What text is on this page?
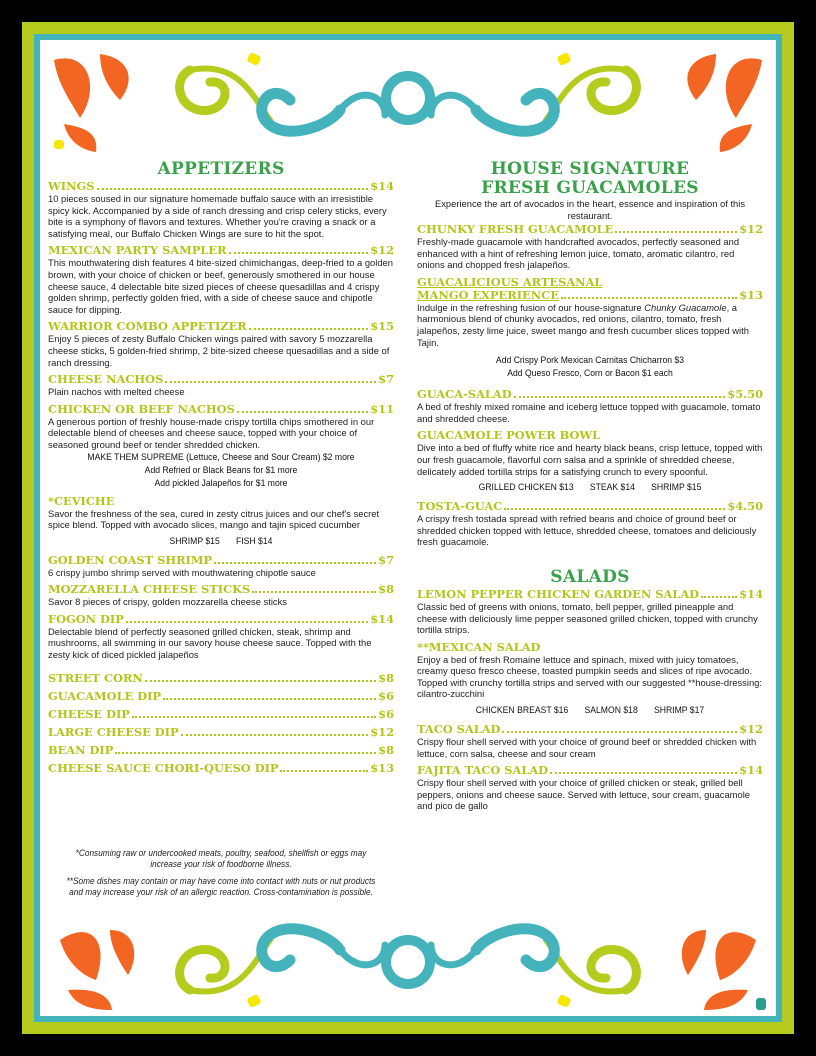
APPETIZERS
WINGS	$14
10 pieces soused in our signature homemade buffalo sauce with an irresistible spicy kick. Accompanied by a side of ranch dressing and crisp celery sticks, every bite is a symphony of flavors and textures. Whether you're craving a snack or a satisfying meal, our Buffalo Chicken Wings are sure to hit the spot.
MEXICAN PARTY SAMPLER	$12
This mouthwatering dish features 4 bite-sized chimichangas, deep-fried to a golden brown, with your choice of chicken or beef, generously smothered in our house cheese sauce, 4 delectable bite sized pieces of cheese quesadillas and 4 crispy golden shrimp, perfectly golden fried, with a side of cheese sauce and chipotle sauce for dipping.
WARRIOR COMBO APPETIZER	$15
Enjoy 5 pieces of zesty Buffalo Chicken wings paired with savory 5 mozzarella cheese sticks, 5 golden-fried shrimp, 2 bite-sized cheese quesadillas and a side of ranch dressing.
CHEESE NACHOS	$7
Plain nachos with melted cheese
CHICKEN OR BEEF NACHOS	$11
A generous portion of freshly house-made crispy tortilla chips smothered in our delectable blend of cheeses and cheese sauce, topped with your choice of seasoned ground beef or tender shredded chicken.
MAKE THEM SUPREME (Lettuce, Cheese and Sour Cream) $2 more
Add Refried or Black Beans for $1 more
Add pickled Jalapeños for $1 more
*CEVICHE
Savor the freshness of the sea, cured in zesty citrus juices and our chef's secret spice blend. Topped with avocado slices, mango and tajin spiced cucumber
SHRIMP $15 FISH $14
GOLDEN COAST SHRIMP	$7
6 crispy jumbo shrimp served with mouthwatering chipotle sauce
MOZZARELLA CHEESE STICKS	$8
Savor 8 pieces of crispy, golden mozzarella cheese sticks
FOGON DIP	$14
Delectable blend of perfectly seasoned grilled chicken, steak, shrimp and mushrooms, all swimming in our savory house cheese sauce. Topped with the zesty kick of diced pickled jalapeños
STREET CORN	$8
GUACAMOLE DIP	$6
CHEESE DIP	$6
LARGE CHEESE DIP	$12
BEAN DIP	$8
CHEESE SAUCE CHORI-QUESO DIP	$13

*Consuming raw or undercooked meats, poultry, seafood, shellfish or eggs may increase your risk of foodborne illness.

**Some dishes may contain or may have come into contact with nuts or nut products and may increase your risk of an allergic reaction. Cross-contamination is possible.

HOUSE SIGNATURE
FRESH GUACAMOLES

Experience the art of avocados in the heart, essence and inspiration of this restaurant.

CHUNKY FRESH GUACAMOLE	$12
Freshly-made guacamole with handcrafted avocados, perfectly seasoned and enhanced with a hint of refreshing lemon juice, tomato, aromatic cilantro, red onions and chopped fresh jalapeños.
GUACALICIOUS ARTESANAL
MANGO EXPERIENCE	$13
Indulge in the refreshing fusion of our house-signature Chunky Guacamole, a harmonious blend of chunky avocados, red onions, cilantro, tomato, fresh jalapeños, zesty lime juice, sweet mango and fresh cucumber slices topped with Tajin.
Add Crispy Pork Mexican Carnitas Chicharron $3
Add Queso Fresco, Corn or Bacon $1 each
GUACA-SALAD	$5.50
A bed of freshly mixed romaine and iceberg lettuce topped with guacamole, tomato and shredded cheese.
GUACAMOLE POWER BOWL
Dive into a bed of fluffy white rice and hearty black beans, crisp lettuce, topped with our fresh guacamole, flavorful corn salsa and a sprinkle of shredded cheese, delicately added tortilla strips for a satisfying crunch to every spoonful.
GRILLED CHICKEN $13 STEAK $14 SHRIMP $15
TOSTA-GUAC	$4.50
A crispy fresh tostada spread with refried beans and choice of ground beef or shredded chicken topped with lettuce, shredded cheese, tomatoes and deliciously fresh guacamole.
SALADS
LEMON PEPPER CHICKEN GARDEN SALAD	$14
Classic bed of greens with onions, tomato, bell pepper, grilled pineapple and cheese with deliciously lime pepper seasoned grilled chicken, topped with crunchy tortilla strips.
**MEXICAN SALAD
Enjoy a bed of fresh Romaine lettuce and spinach, mixed with juicy tomatoes, creamy queso fresco cheese, toasted pumpkin seeds and slices of ripe avocado. Topped with crunchy tortilla strips and served with our suggested **house-dressing: cilantro-zucchini
CHICKEN BREAST $16 SALMON $18 SHRIMP $17
TACO SALAD	$12
Crispy flour shell served with your choice of ground beef or shredded chicken with lettuce, corn salsa, cheese and sour cream
FAJITA TACO SALAD	$14
Crispy flour shell served with your choice of grilled chicken or steak, grilled bell peppers, onions and cheese sauce. Served with lettuce, sour cream, guacamole and pico de gallo
